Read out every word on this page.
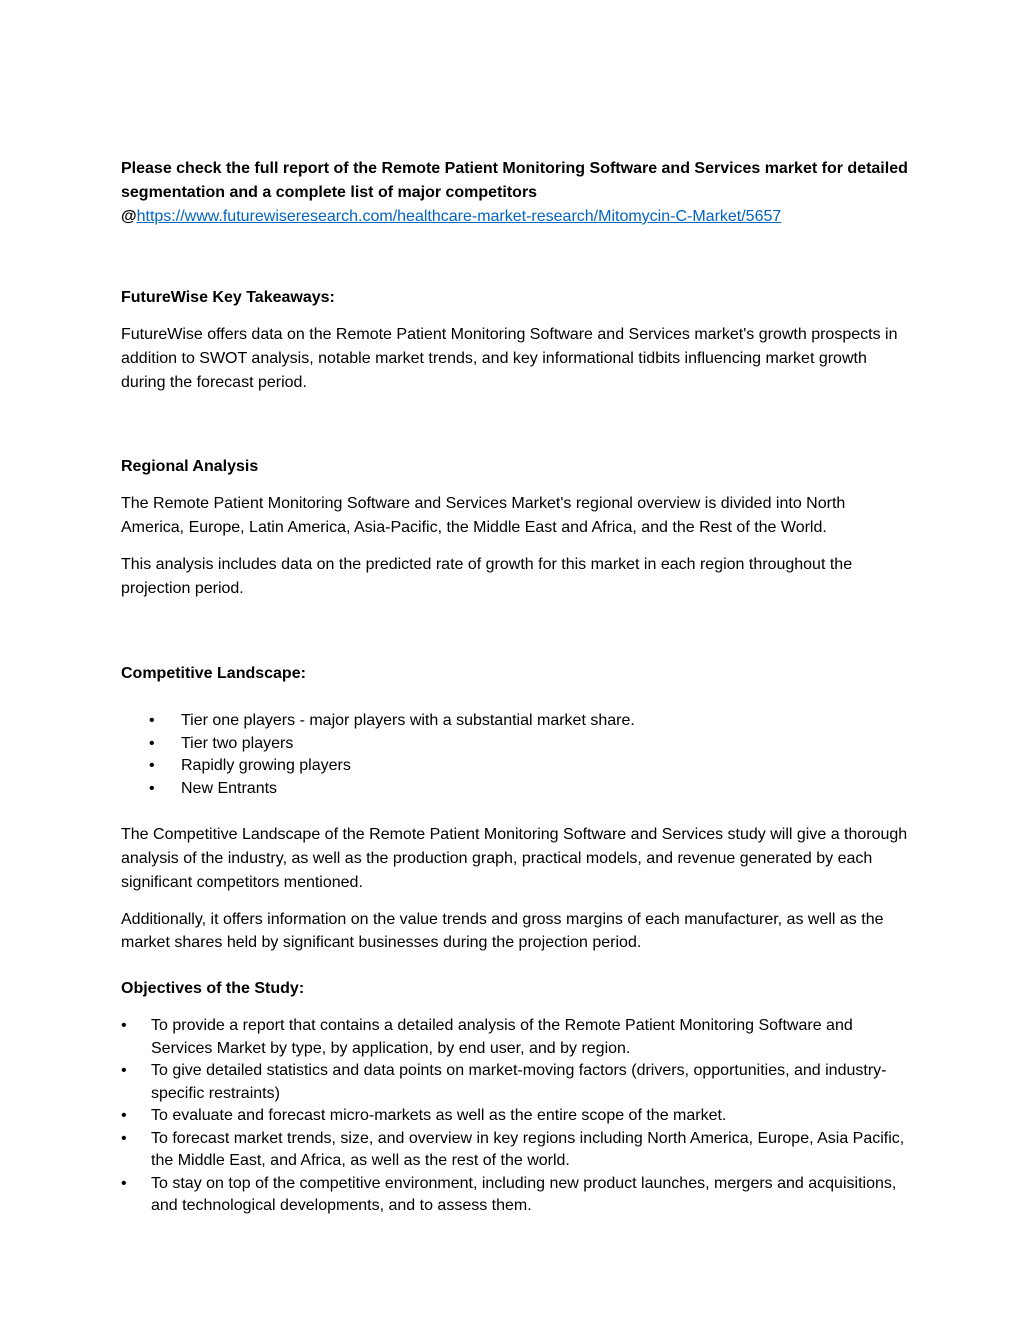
Please check the full report of the Remote Patient Monitoring Software and Services market for detailed segmentation and a complete list of major competitors
@https://www.futurewiseresearch.com/healthcare-market-research/Mitomycin-C-Market/5657

FutureWise Key Takeaways:

FutureWise offers data on the Remote Patient Monitoring Software and Services market's growth prospects in addition to SWOT analysis, notable market trends, and key informational tidbits influencing market growth during the forecast period.

Regional Analysis

The Remote Patient Monitoring Software and Services Market's regional overview is divided into North America, Europe, Latin America, Asia-Pacific, the Middle East and Africa, and the Rest of the World.

This analysis includes data on the predicted rate of growth for this market in each region throughout the projection period.

Competitive Landscape:

• Tier one players - major players with a substantial market share.
• Tier two players
• Rapidly growing players
• New Entrants

The Competitive Landscape of the Remote Patient Monitoring Software and Services study will give a thorough analysis of the industry, as well as the production graph, practical models, and revenue generated by each significant competitors mentioned.

Additionally, it offers information on the value trends and gross margins of each manufacturer, as well as the market shares held by significant businesses during the projection period.

Objectives of the Study:

• To provide a report that contains a detailed analysis of the Remote Patient Monitoring Software and Services Market by type, by application, by end user, and by region.
• To give detailed statistics and data points on market-moving factors (drivers, opportunities, and industry-specific restraints)
• To evaluate and forecast micro-markets as well as the entire scope of the market.
• To forecast market trends, size, and overview in key regions including North America, Europe, Asia Pacific, the Middle East, and Africa, as well as the rest of the world.
• To stay on top of the competitive environment, including new product launches, mergers and acquisitions, and technological developments, and to assess them.
